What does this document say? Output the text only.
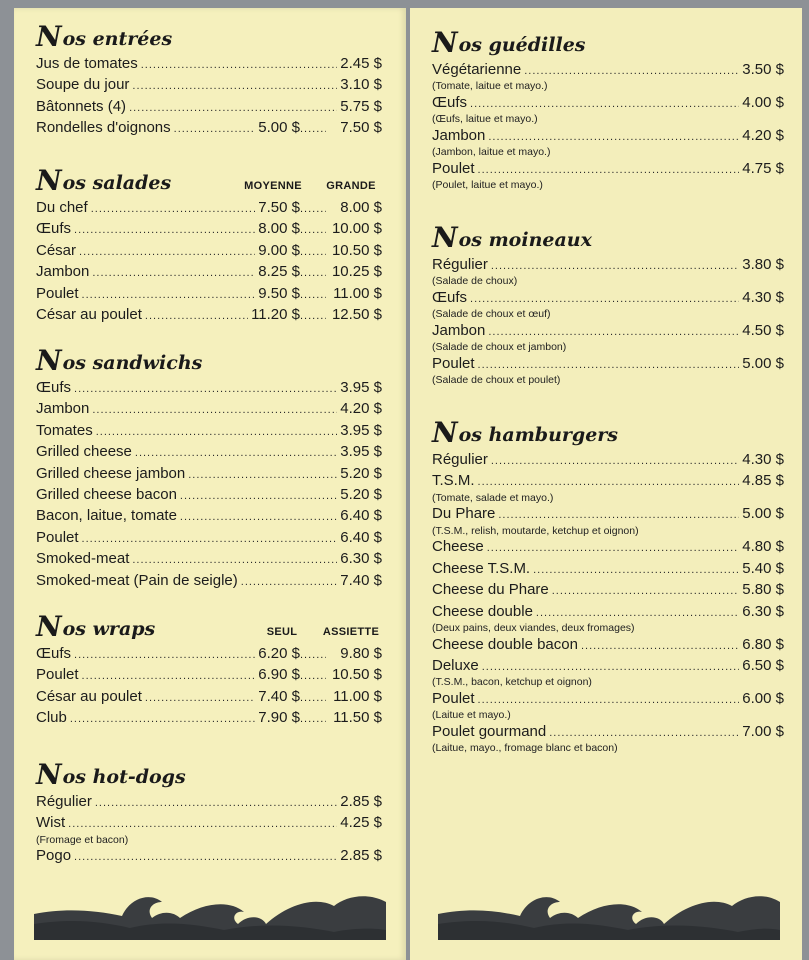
N os entrées
Jus de tomates .....	2.45 $
Soupe du jour .....	3.10 $
Bâtonnets (4) .....	5.75 $
Rondelles d'oignons .....	5.00 $ .....	7.50 $
N os salades	MOYENNE	GRANDE
Du chef .....	7.50 $ .....	8.00 $
Œufs .....	8.00 $ .....	10.00 $
César .....	9.00 $ .....	10.50 $
Jambon .....	8.25 $ .....	10.25 $
Poulet .....	9.50 $ .....	11.00 $
César au poulet .....	11.20 $ .....	12.50 $
N os sandwichs
Œufs .....	3.95 $
Jambon .....	4.20 $
Tomates .....	3.95 $
Grilled cheese .....	3.95 $
Grilled cheese jambon .....	5.20 $
Grilled cheese bacon .....	5.20 $
Bacon, laitue, tomate .....	6.40 $
Poulet .....	6.40 $
Smoked-meat .....	6.30 $
Smoked-meat (Pain de seigle) .....	7.40 $
N os wraps	SEUL	ASSIETTE
Œufs .....	6.20 $ .....	9.80 $
Poulet .....	6.90 $ .....	10.50 $
César au poulet .....	7.40 $ .....	11.00 $
Club .....	7.90 $ .....	11.50 $
N os hot-dogs
Régulier .....	2.85 $
Wist .....	4.25 $
(Fromage et bacon)
Pogo .....	2.85 $
N os guédilles
Végétarienne .....	3.50 $
(Tomate, laitue et mayo.)
Œufs .....	4.00 $
(Œufs, laitue et mayo.)
Jambon .....	4.20 $
(Jambon, laitue et mayo.)
Poulet .....	4.75 $
(Poulet, laitue et mayo.)
N os moineaux
Régulier .....	3.80 $
(Salade de choux)
Œufs .....	4.30 $
(Salade de choux et œuf)
Jambon .....	4.50 $
(Salade de choux et jambon)
Poulet .....	5.00 $
(Salade de choux et poulet)
N os hamburgers
Régulier .....	4.30 $
T.S.M. .....	4.85 $
(Tomate, salade et mayo.)
Du Phare .....	5.00 $
(T.S.M., relish, moutarde, ketchup et oignon)
Cheese .....	4.80 $
Cheese T.S.M. .....	5.40 $
Cheese du Phare .....	5.80 $
Cheese double .....	6.30 $
(Deux pains, deux viandes, deux fromages)
Cheese double bacon .....	6.80 $
Deluxe .....	6.50 $
(T.S.M., bacon, ketchup et oignon)
Poulet .....	6.00 $
(Laitue et mayo.)
Poulet gourmand .....	7.00 $
(Laitue, mayo., fromage blanc et bacon)
